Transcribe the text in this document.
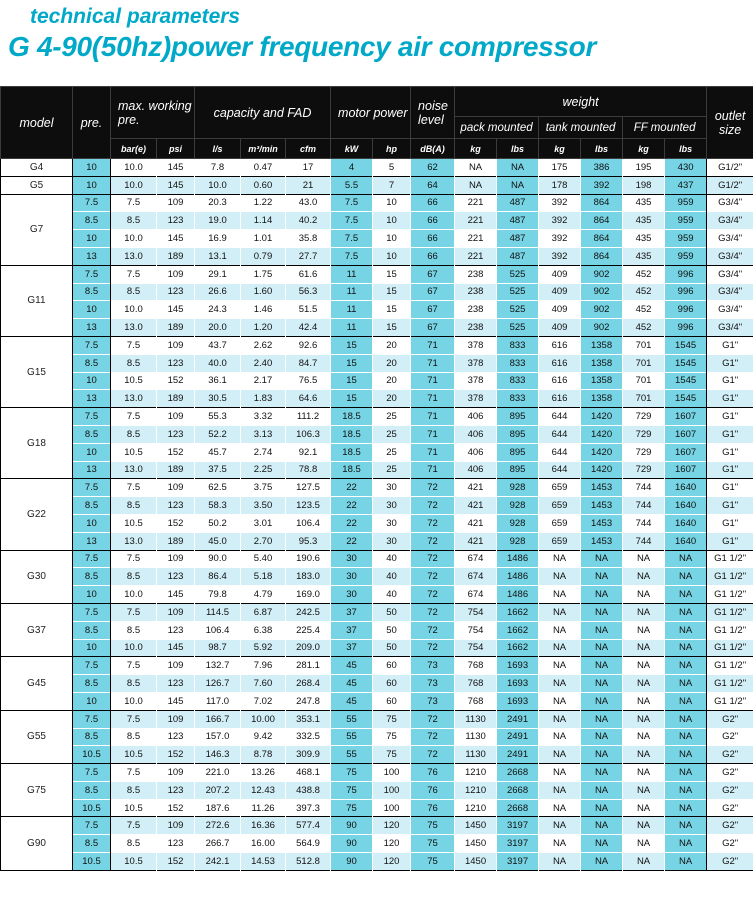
technical parameters
G 4-90(50hz)power frequency air compressor
model	pre.	max. working pre.		capacity and FAD			motor power		noise level	weight						outlet size
										pack mounted		tank mounted		FF mounted		
		bar(e)	psi	l/s	m³/min	cfm	kW	hp	dB(A)	kg	lbs	kg	lbs	kg	lbs	
G4	10	10.0	145	7.8	0.47	17	4	5	62	NA	NA	175	386	195	430	G1/2"
G5	10	10.0	145	10.0	0.60	21	5.5	7	64	NA	NA	178	392	198	437	G1/2"
G7	7.5	7.5	109	20.3	1.22	43.0	7.5	10	66	221	487	392	864	435	959	G3/4"
	8.5	8.5	123	19.0	1.14	40.2	7.5	10	66	221	487	392	864	435	959	G3/4"
	10	10.0	145	16.9	1.01	35.8	7.5	10	66	221	487	392	864	435	959	G3/4"
	13	13.0	189	13.1	0.79	27.7	7.5	10	66	221	487	392	864	435	959	G3/4"
G11	7.5	7.5	109	29.1	1.75	61.6	11	15	67	238	525	409	902	452	996	G3/4"
	8.5	8.5	123	26.6	1.60	56.3	11	15	67	238	525	409	902	452	996	G3/4"
	10	10.0	145	24.3	1.46	51.5	11	15	67	238	525	409	902	452	996	G3/4"
	13	13.0	189	20.0	1.20	42.4	11	15	67	238	525	409	902	452	996	G3/4"
G15	7.5	7.5	109	43.7	2.62	92.6	15	20	71	378	833	616	1358	701	1545	G1"
	8.5	8.5	123	40.0	2.40	84.7	15	20	71	378	833	616	1358	701	1545	G1"
	10	10.5	152	36.1	2.17	76.5	15	20	71	378	833	616	1358	701	1545	G1"
	13	13.0	189	30.5	1.83	64.6	15	20	71	378	833	616	1358	701	1545	G1"
G18	7.5	7.5	109	55.3	3.32	111.2	18.5	25	71	406	895	644	1420	729	1607	G1"
	8.5	8.5	123	52.2	3.13	106.3	18.5	25	71	406	895	644	1420	729	1607	G1"
	10	10.5	152	45.7	2.74	92.1	18.5	25	71	406	895	644	1420	729	1607	G1"
	13	13.0	189	37.5	2.25	78.8	18.5	25	71	406	895	644	1420	729	1607	G1"
G22	7.5	7.5	109	62.5	3.75	127.5	22	30	72	421	928	659	1453	744	1640	G1"
	8.5	8.5	123	58.3	3.50	123.5	22	30	72	421	928	659	1453	744	1640	G1"
	10	10.5	152	50.2	3.01	106.4	22	30	72	421	928	659	1453	744	1640	G1"
	13	13.0	189	45.0	2.70	95.3	22	30	72	421	928	659	1453	744	1640	G1"
G30	7.5	7.5	109	90.0	5.40	190.6	30	40	72	674	1486	NA	NA	NA	NA	G1 1/2"
	8.5	8.5	123	86.4	5.18	183.0	30	40	72	674	1486	NA	NA	NA	NA	G1 1/2"
	10	10.0	145	79.8	4.79	169.0	30	40	72	674	1486	NA	NA	NA	NA	G1 1/2"
G37	7.5	7.5	109	114.5	6.87	242.5	37	50	72	754	1662	NA	NA	NA	NA	G1 1/2"
	8.5	8.5	123	106.4	6.38	225.4	37	50	72	754	1662	NA	NA	NA	NA	G1 1/2"
	10	10.0	145	98.7	5.92	209.0	37	50	72	754	1662	NA	NA	NA	NA	G1 1/2"
G45	7.5	7.5	109	132.7	7.96	281.1	45	60	73	768	1693	NA	NA	NA	NA	G1 1/2"
	8.5	8.5	123	126.7	7.60	268.4	45	60	73	768	1693	NA	NA	NA	NA	G1 1/2"
	10	10.0	145	117.0	7.02	247.8	45	60	73	768	1693	NA	NA	NA	NA	G1 1/2"
G55	7.5	7.5	109	166.7	10.00	353.1	55	75	72	1130	2491	NA	NA	NA	NA	G2"
	8.5	8.5	123	157.0	9.42	332.5	55	75	72	1130	2491	NA	NA	NA	NA	G2"
	10.5	10.5	152	146.3	8.78	309.9	55	75	72	1130	2491	NA	NA	NA	NA	G2"
G75	7.5	7.5	109	221.0	13.26	468.1	75	100	76	1210	2668	NA	NA	NA	NA	G2"
	8.5	8.5	123	207.2	12.43	438.8	75	100	76	1210	2668	NA	NA	NA	NA	G2"
	10.5	10.5	152	187.6	11.26	397.3	75	100	76	1210	2668	NA	NA	NA	NA	G2"
G90	7.5	7.5	109	272.6	16.36	577.4	90	120	75	1450	3197	NA	NA	NA	NA	G2"
	8.5	8.5	123	266.7	16.00	564.9	90	120	75	1450	3197	NA	NA	NA	NA	G2"
	10.5	10.5	152	242.1	14.53	512.8	90	120	75	1450	3197	NA	NA	NA	NA	G2"
